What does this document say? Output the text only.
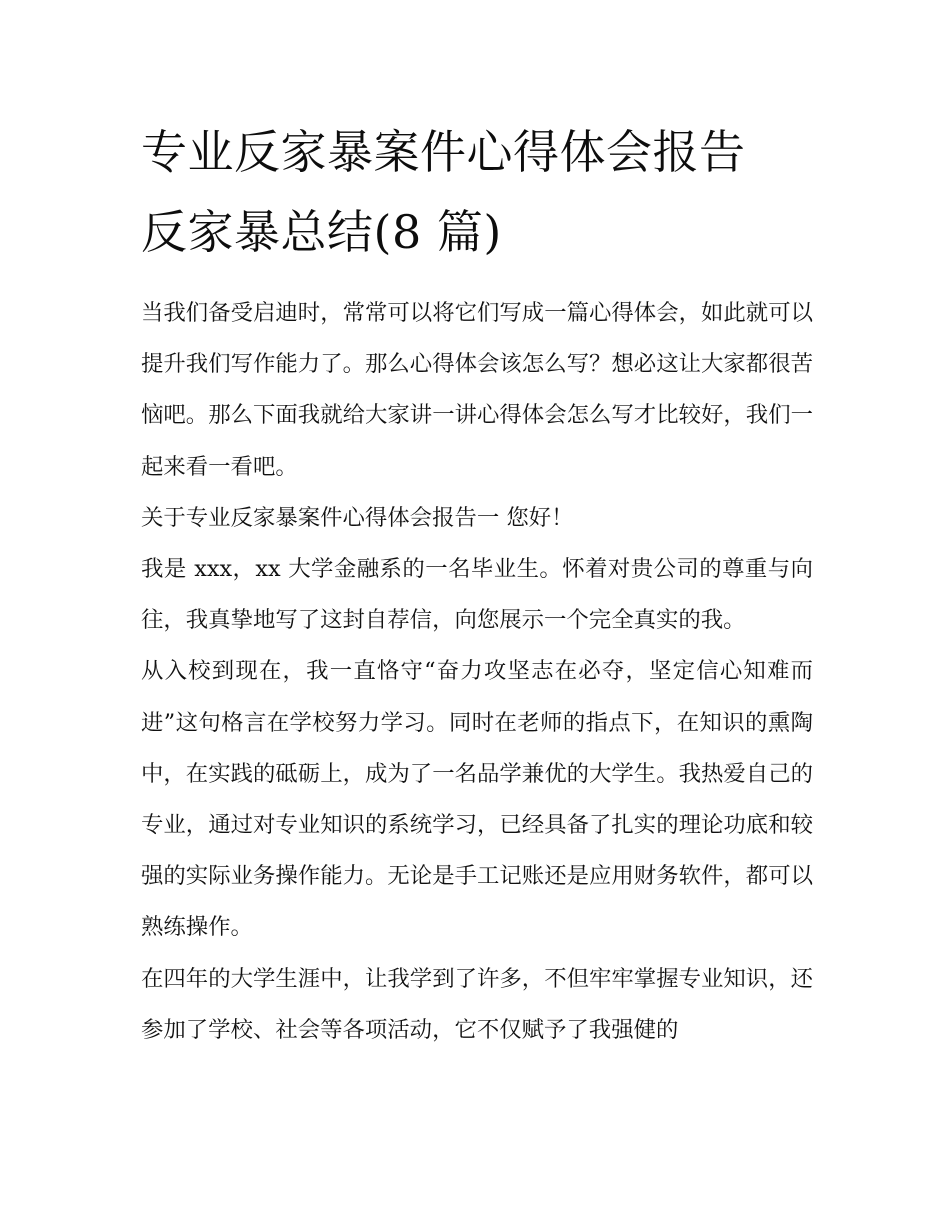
专业反家暴案件心得体会报告
反家暴总结(8 篇)

当我们备受启迪时，常常可以将它们写成一篇心得体会，如此就可以提升我们写作能力了。那么心得体会该怎么写？想必这让大家都很苦恼吧。那么下面我就给大家讲一讲心得体会怎么写才比较好，我们一起来看一看吧。

关于专业反家暴案件心得体会报告一 您好！

我是 xxx，xx 大学金融系的一名毕业生。怀着对贵公司的尊重与向往，我真挚地写了这封自荐信，向您展示一个完全真实的我。

从入校到现在，我一直恪守“奋力攻坚志在必夺，坚定信心知难而进”这句格言在学校努力学习。同时在老师的指点下，在知识的熏陶中，在实践的砥砺上，成为了一名品学兼优的大学生。我热爱自己的专业，通过对专业知识的系统学习，已经具备了扎实的理论功底和较强的实际业务操作能力。无论是手工记账还是应用财务软件，都可以熟练操作。

在四年的大学生涯中，让我学到了许多，不但牢牢掌握专业知识，还参加了学校、社会等各项活动，它不仅赋予了我强健的
